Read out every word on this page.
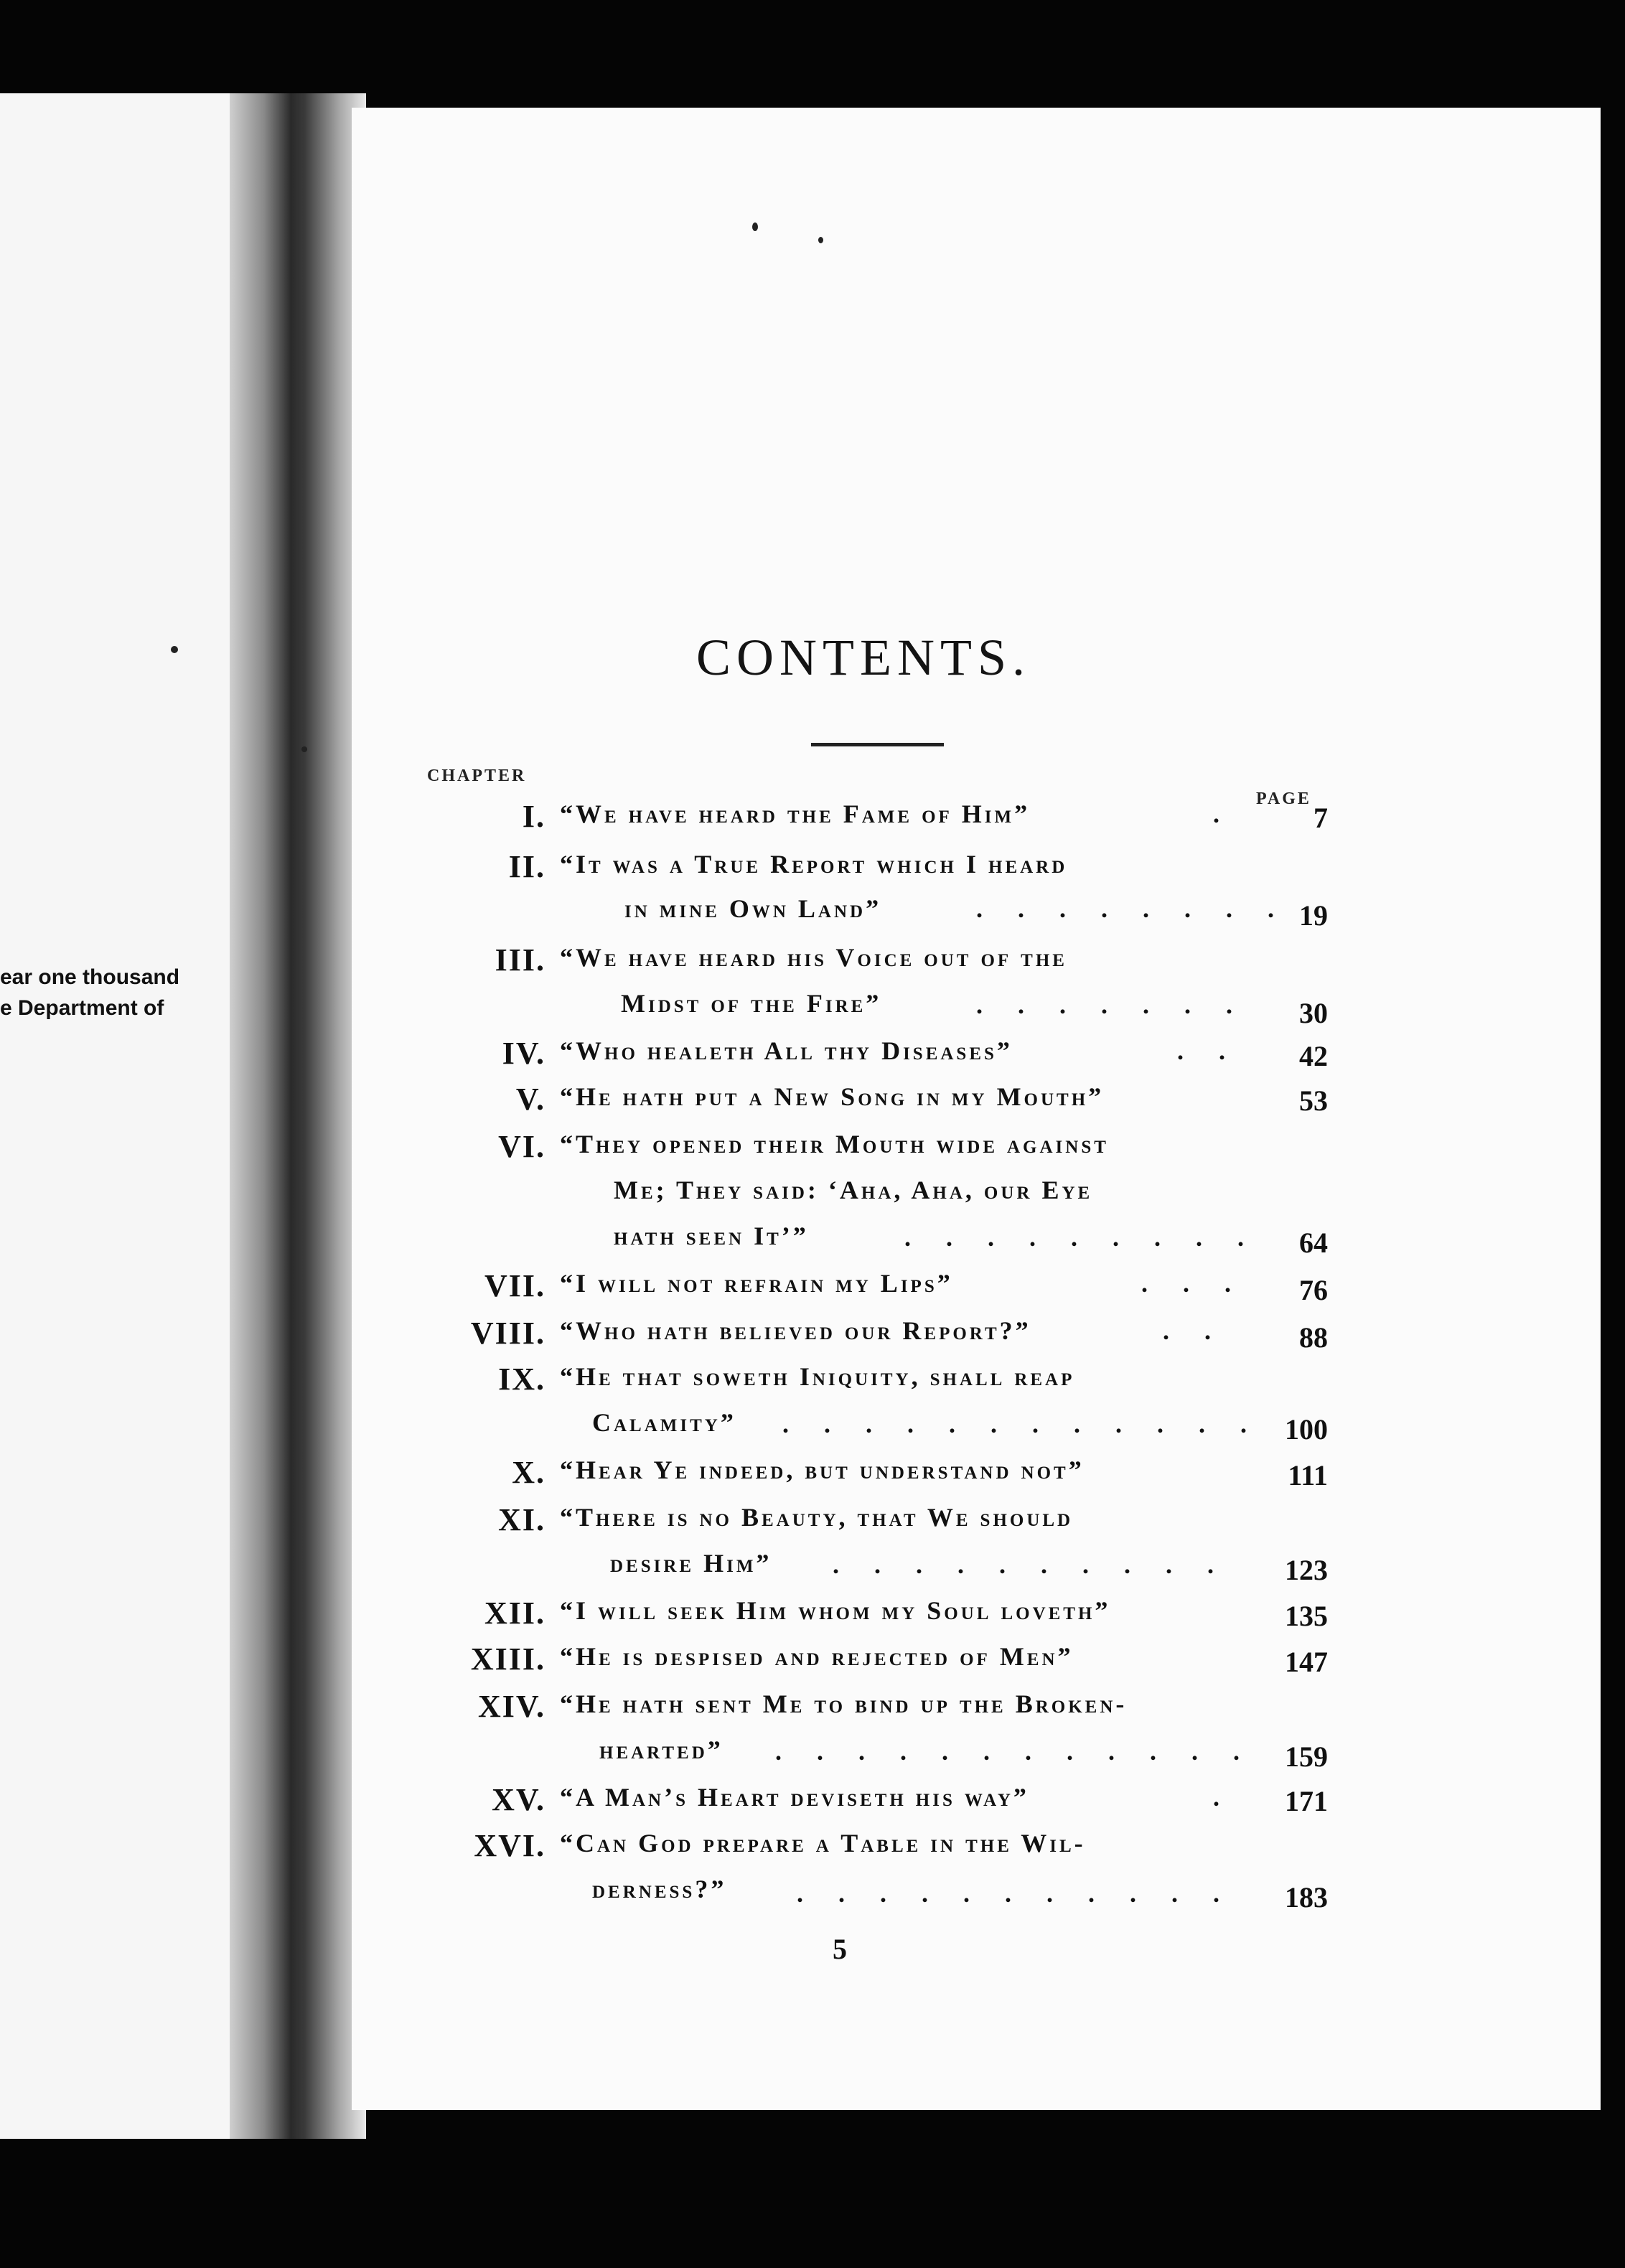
ear one thousand
e Department of
CONTENTS.
CHAPTER
PAGE
I. “We have heard the Fame of Him”	.	7
II. “It was a True Report which I heard
in mine Own Land”	. . . . . . . . 19
III. “We have heard his Voice out of the
Midst of the Fire”	. . . . . . .	30
IV. “Who healeth All thy Diseases”	. .	42
V. “He hath put a New Song in my Mouth”	53
VI. “They opened their Mouth wide against
Me; They said: ‘Aha, Aha, our Eye
hath seen It’”	. . . . . . . . .	64
VII. “I will not refrain my Lips”	. . .	76
VIII. “Who hath believed our Report?”	. .	88
IX. “He that soweth Iniquity, shall reap
Calamity” . . . . . . . . . . . . 100
X. “Hear Ye indeed, but understand not”	111
XI. “There is no Beauty, that We should
desire Him” . . . . . . . . . .	123
XII. “I will seek Him whom my Soul loveth”	135
XIII. “He is despised and rejected of Men”	147
XIV. “He hath sent Me to bind up the Broken-
hearted” . . . . . . . . . . . .	159
XV. “A Man’s Heart deviseth his way”	.	171
XVI. “Can God prepare a Table in the Wil-
derness?”	. . . . . . . . . . .	183
5
